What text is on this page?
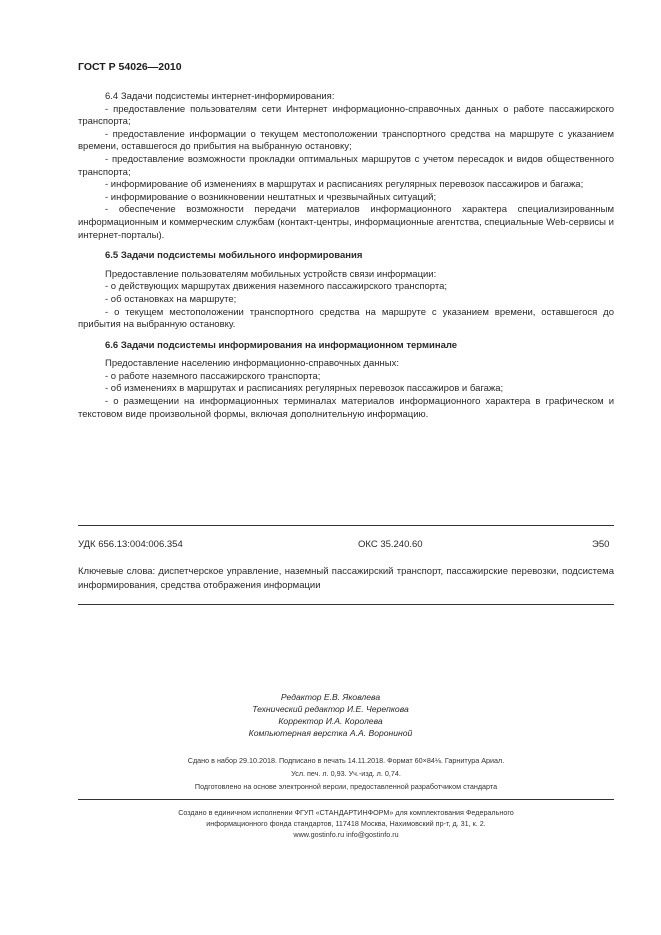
ГОСТ Р 54026—2010

6.4 Задачи подсистемы интернет-информирования:

- предоставление пользователям сети Интернет информационно-справочных данных о работе пассажирского транспорта;

- предоставление информации о текущем местоположении транспортного средства на маршруте с указанием времени, оставшегося до прибытия на выбранную остановку;

- предоставление возможности прокладки оптимальных маршрутов с учетом пересадок и видов общественного транспорта;

- информирование об изменениях в маршрутах и расписаниях регулярных перевозок пассажиров и багажа;

- информирование о возникновении нештатных и чрезвычайных ситуаций;

- обеспечение возможности передачи материалов информационного характера специализированным информационным и коммерческим службам (контакт-центры, информационные агентства, специальные Web-сервисы и интернет-порталы).

6.5 Задачи подсистемы мобильного информирования

Предоставление пользователям мобильных устройств связи информации:

- о действующих маршрутах движения наземного пассажирского транспорта;

- об остановках на маршруте;

- о текущем местоположении транспортного средства на маршруте с указанием времени, оставшегося до прибытия на выбранную остановку.

6.6 Задачи подсистемы информирования на информационном терминале

Предоставление населению информационно-справочных данных:

- о работе наземного пассажирского транспорта;

- об изменениях в маршрутах и расписаниях регулярных перевозок пассажиров и багажа;

- о размещении на информационных терминалах материалов информационного характера в графическом и текстовом виде произвольной формы, включая дополнительную информацию.

УДК 656.13:004:006.354	ОКС 35.240.60	Э50
Ключевые слова: диспетчерское управление, наземный пассажирский транспорт, пассажирские перевозки, подсистема информирования, средства отображения информации
Редактор Е.В. Яковлева
Технический редактор И.Е. Черепкова
Корректор И.А. Королева
Компьютерная верстка А.А. Ворониной
Сдано в набор 29.10.2018. Подписано в печать 14.11.2018. Формат 60×84⅛. Гарнитура Ариал.
Усл. печ. л. 0,93. Уч.-изд. л. 0,74.
Подготовлено на основе электронной версии, предоставленной разработчиком стандарта
Создано в единичном исполнении ФГУП «СТАНДАРТИНФОРМ» для комплектования Федерального
информационного фонда стандартов, 117418 Москва, Нахимовский пр-т, д. 31, к. 2.
www.gostinfo.ru info@gostinfo.ru
